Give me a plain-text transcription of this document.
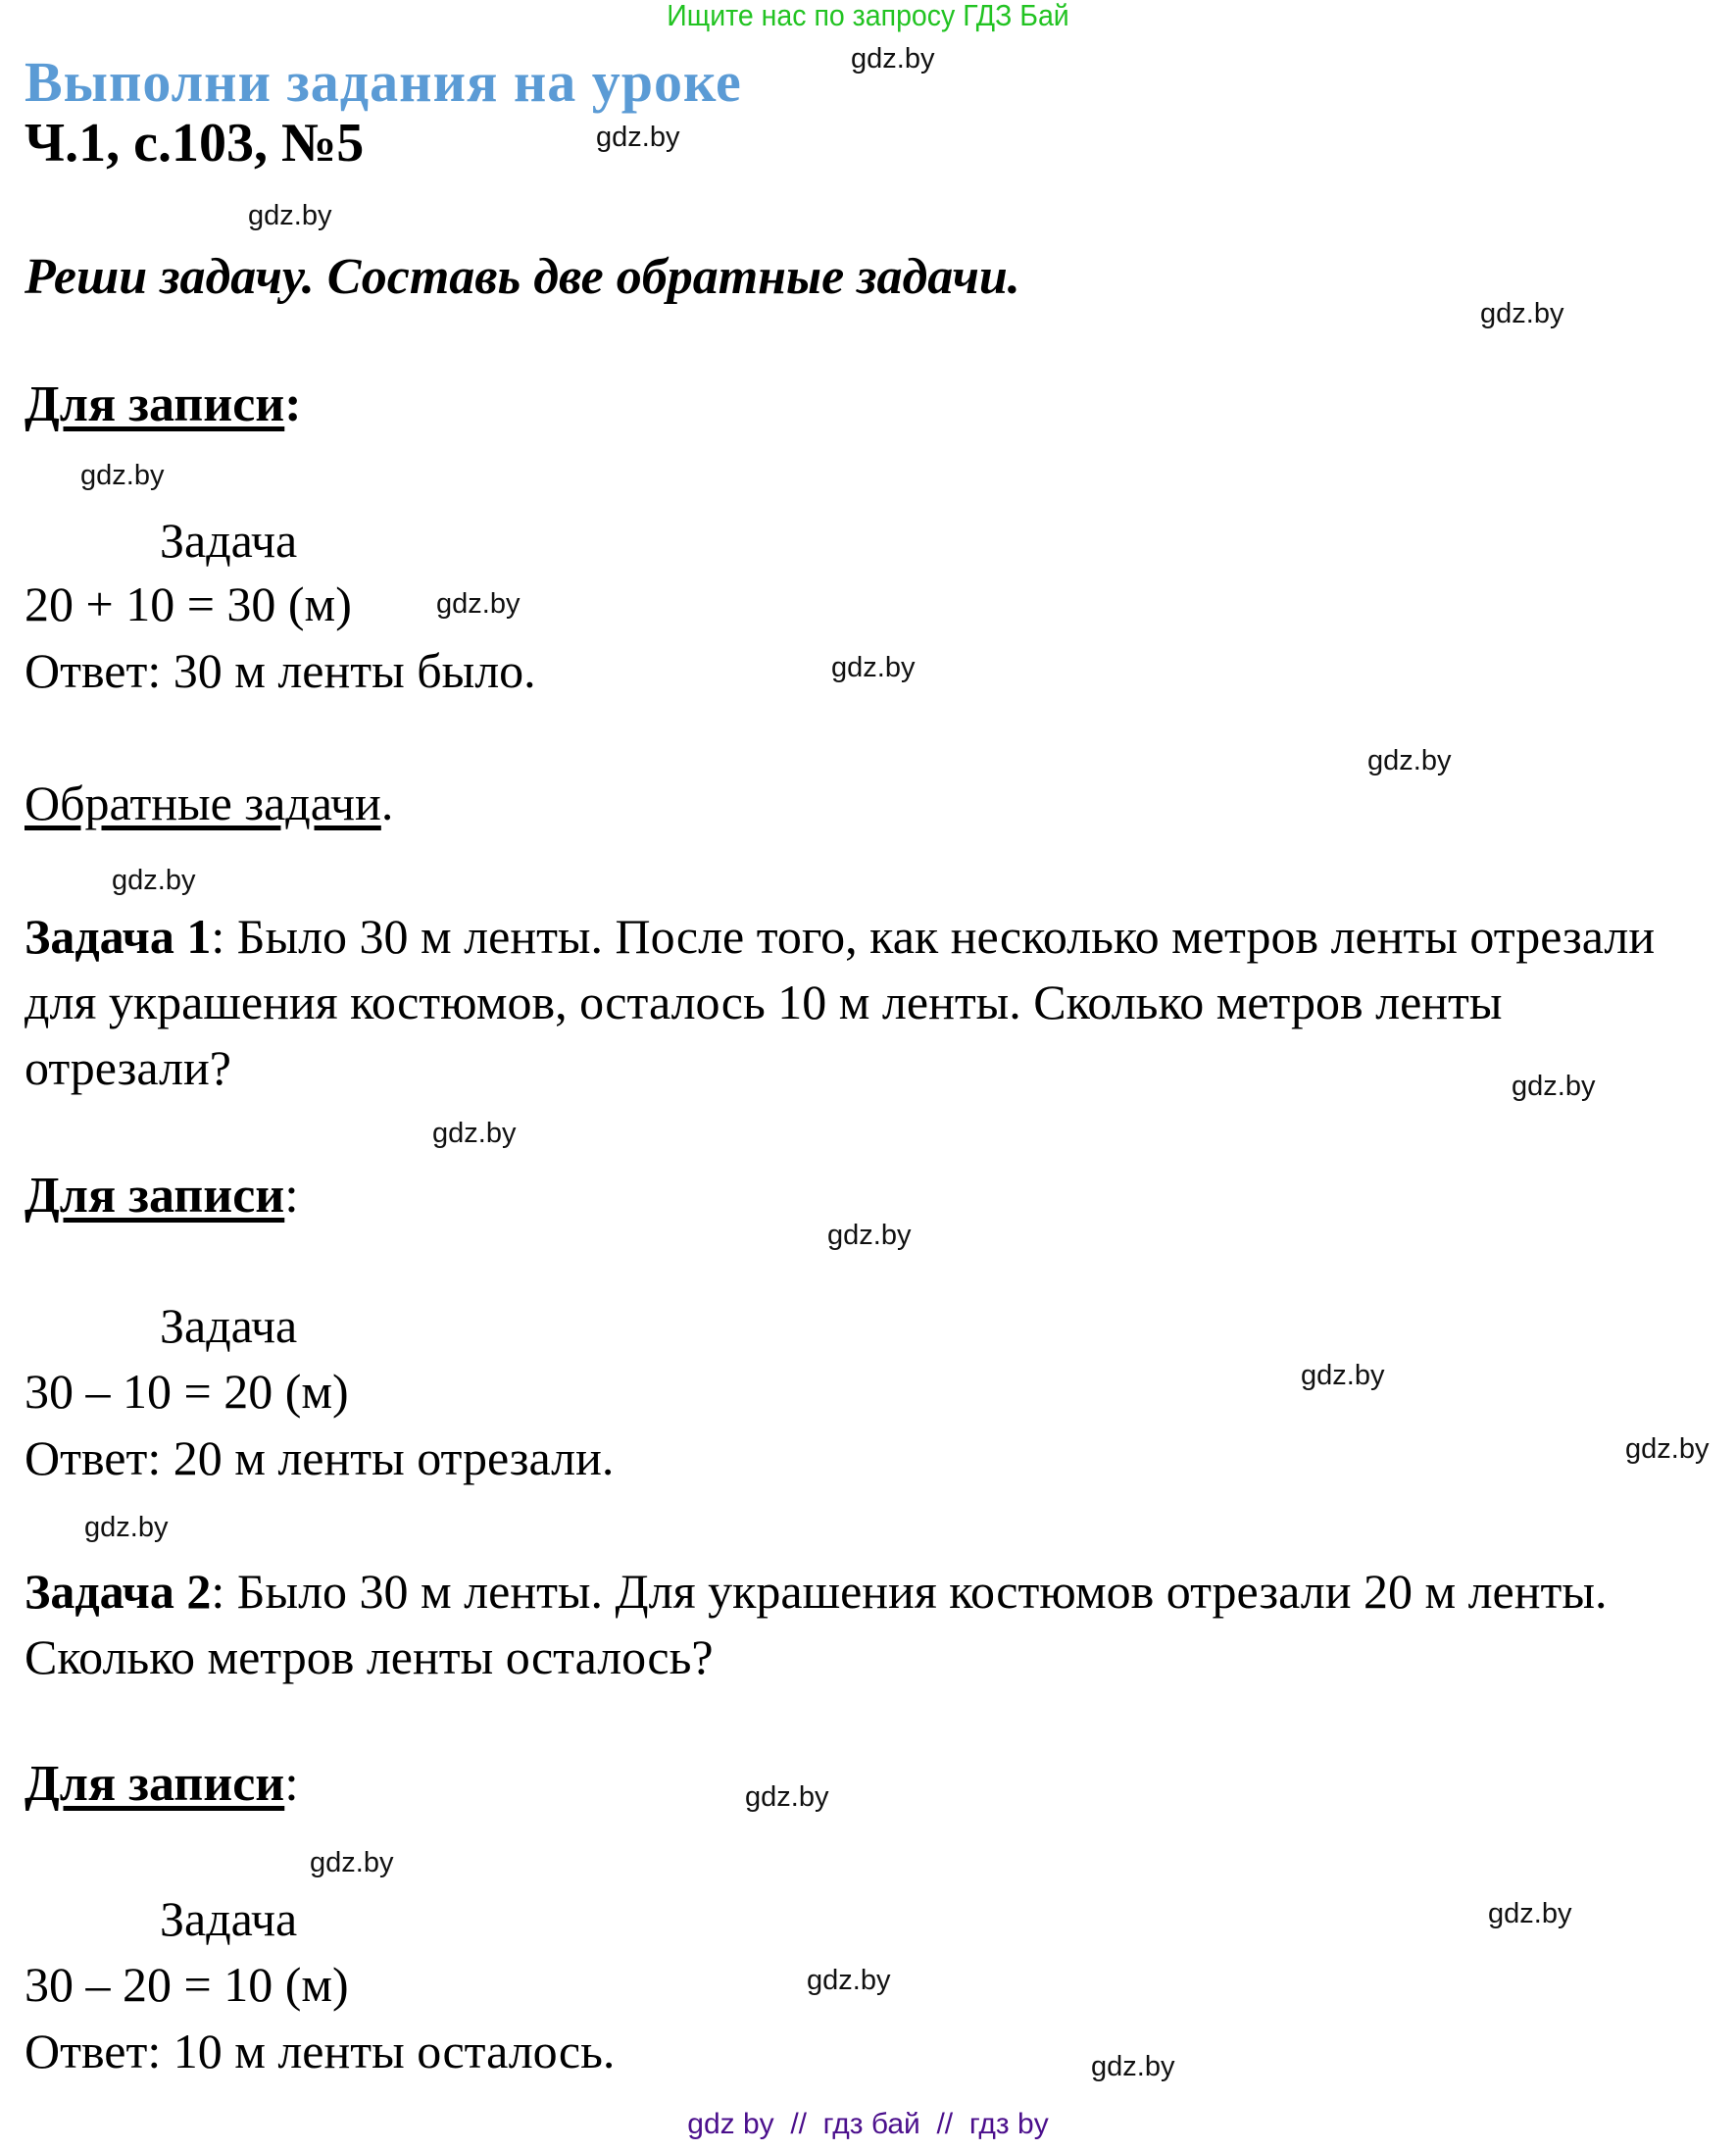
Ищите нас по запросу ГДЗ Бай
Выполни задания на уроке
Ч.1, с.103, №5
Реши задачу. Составь две обратные задачи.
Для записи:
Задача
20 + 10 = 30 (м)
Ответ: 30 м ленты было.
Обратные задачи.
Задача 1: Было 30 м ленты. После того, как несколько метров ленты отрезали для украшения костюмов, осталось 10 м ленты. Сколько метров ленты отрезали?
Для записи:
Задача
30 – 10 = 20 (м)
Ответ: 20 м ленты отрезали.
Задача 2: Было 30 м ленты. Для украшения костюмов отрезали 20 м ленты. Сколько метров ленты осталось?
Для записи:
Задача
30 – 20 = 10 (м)
Ответ: 10 м ленты осталось.
gdz.by
gdz.by
gdz.by
gdz.by
gdz.by
gdz.by
gdz.by
gdz.by
gdz.by
gdz.by
gdz.by
gdz.by
gdz.by
gdz.by
gdz.by
gdz.by
gdz.by
gdz.by
gdz.by
gdz.by
gdz by  //  гдз бай  //  гдз by
